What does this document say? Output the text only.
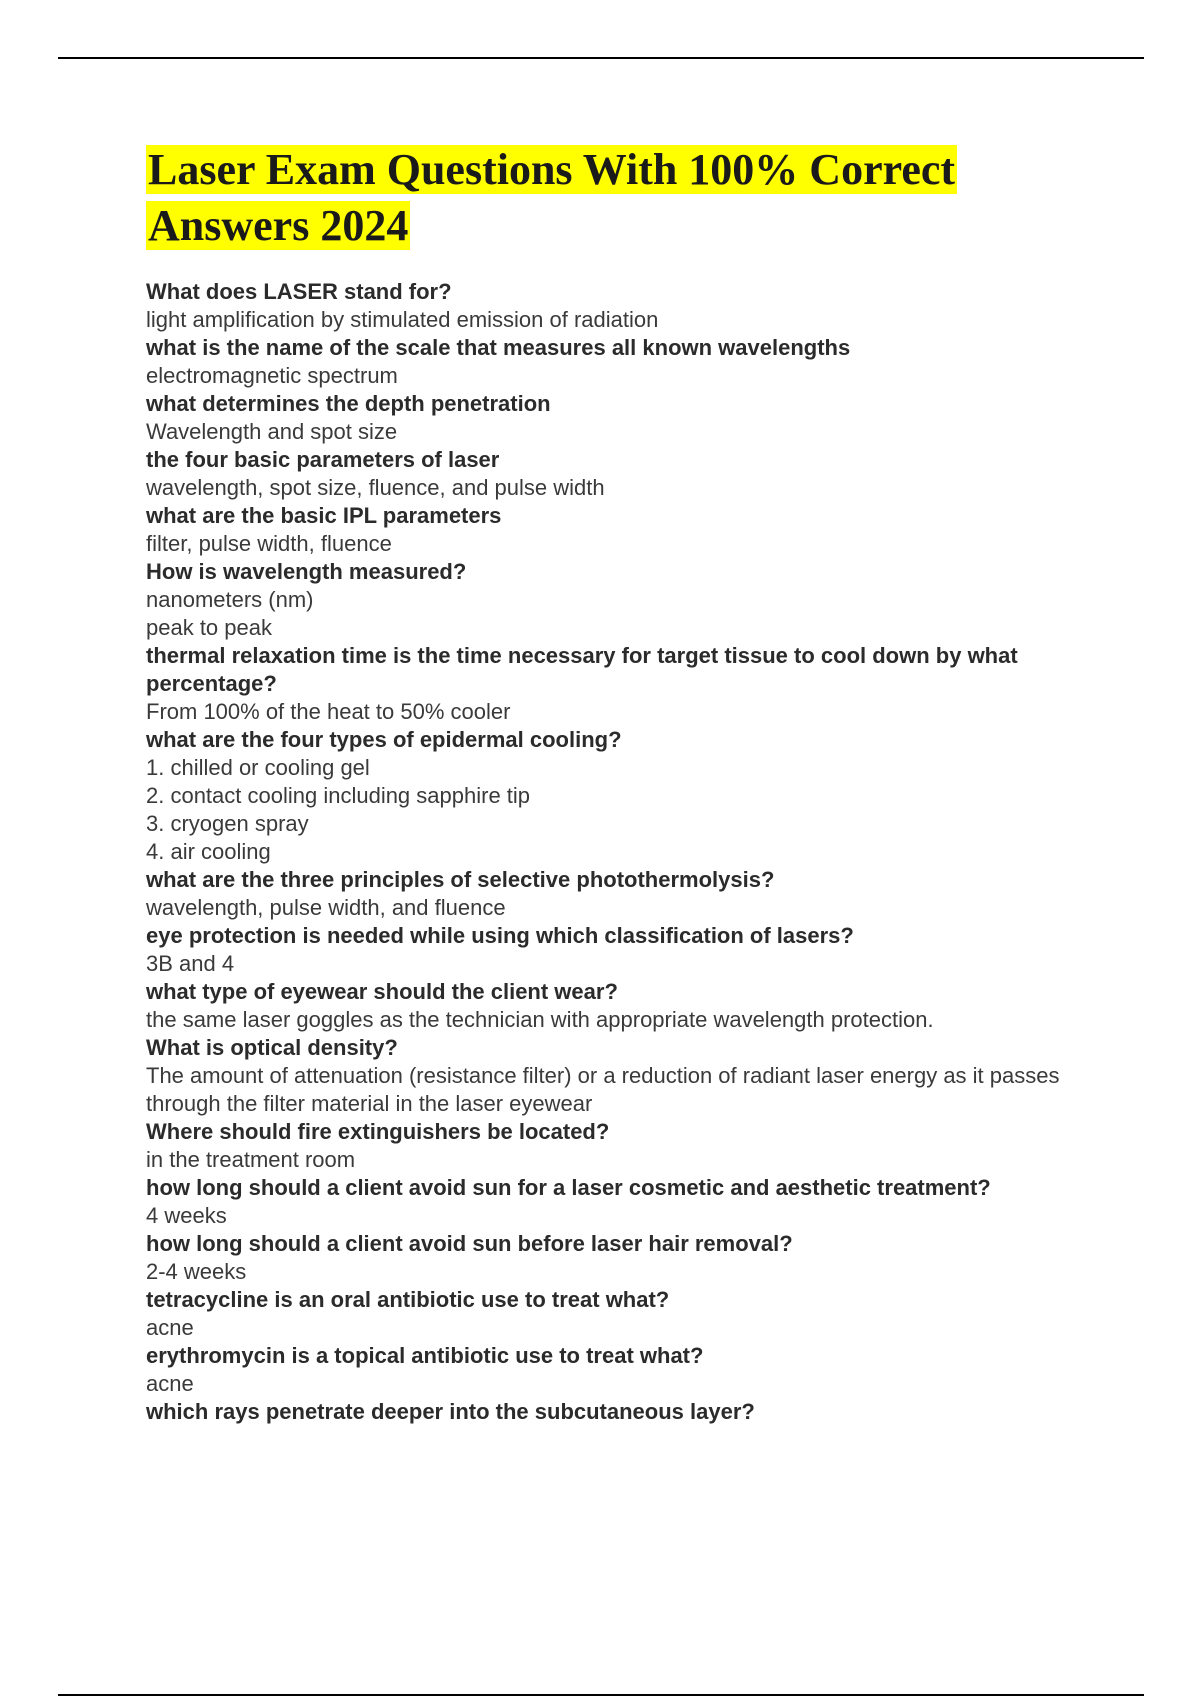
Laser Exam Questions With 100% Correct
Answers 2024
What does LASER stand for?
light amplification by stimulated emission of radiation
what is the name of the scale that measures all known wavelengths
electromagnetic spectrum
what determines the depth penetration
Wavelength and spot size
the four basic parameters of laser
wavelength, spot size, fluence, and pulse width
what are the basic IPL parameters
filter, pulse width, fluence
How is wavelength measured?
nanometers (nm)
peak to peak
thermal relaxation time is the time necessary for target tissue to cool down by what percentage?
From 100% of the heat to 50% cooler
what are the four types of epidermal cooling?
1. chilled or cooling gel
2. contact cooling including sapphire tip
3. cryogen spray
4. air cooling
what are the three principles of selective photothermolysis?
wavelength, pulse width, and fluence
eye protection is needed while using which classification of lasers?
3B and 4
what type of eyewear should the client wear?
the same laser goggles as the technician with appropriate wavelength protection.
What is optical density?
The amount of attenuation (resistance filter) or a reduction of radiant laser energy as it passes through the filter material in the laser eyewear
Where should fire extinguishers be located?
in the treatment room
how long should a client avoid sun for a laser cosmetic and aesthetic treatment?
4 weeks
how long should a client avoid sun before laser hair removal?
2-4 weeks
tetracycline is an oral antibiotic use to treat what?
acne
erythromycin is a topical antibiotic use to treat what?
acne
which rays penetrate deeper into the subcutaneous layer?
